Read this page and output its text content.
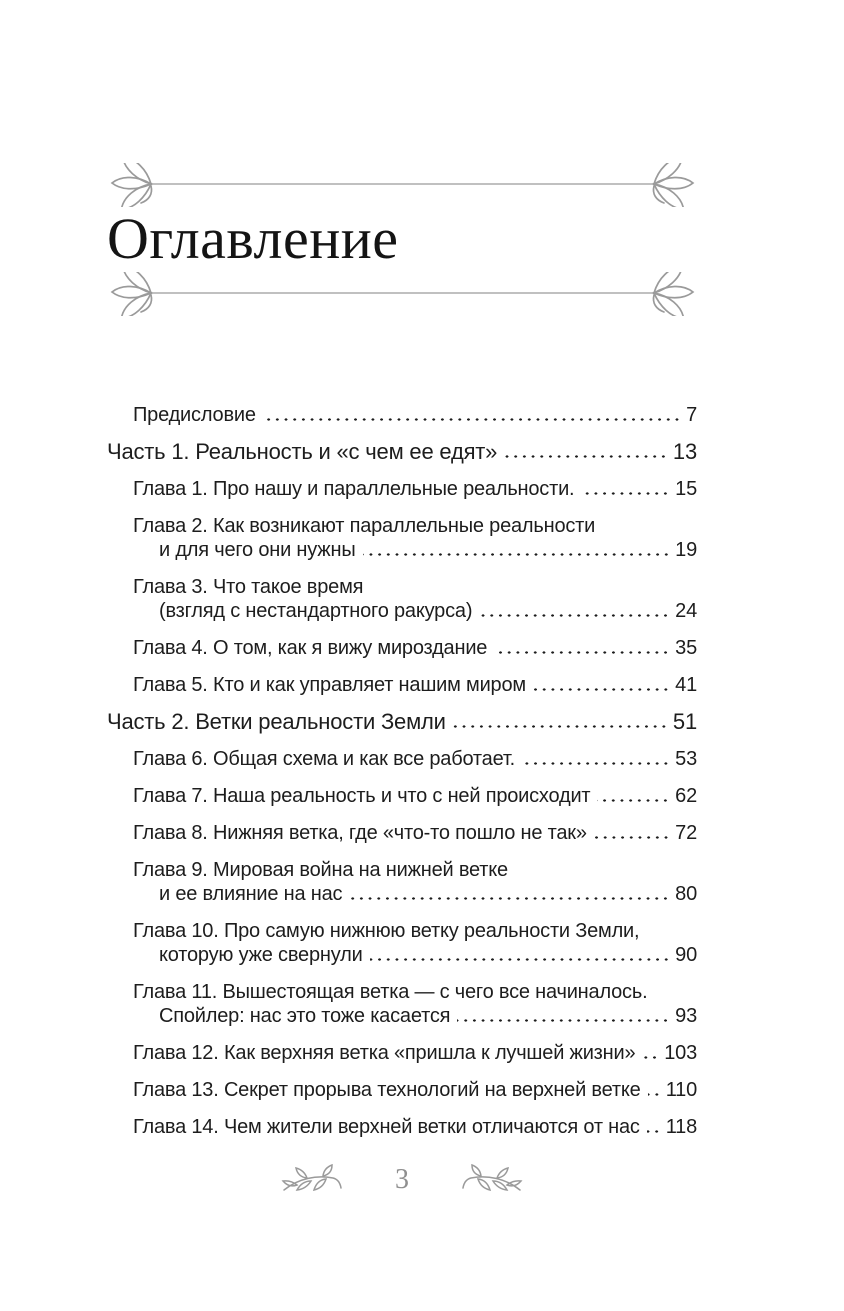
Оглавление
Предисловие	7
Часть 1. Реальность и «с чем ее едят»	13
Глава 1. Про нашу и параллельные реальности.	15
Глава 2. Как возникают параллельные реальности
и для чего они нужны	19
Глава 3. Что такое время
(взгляд с нестандартного ракурса)	24
Глава 4. О том, как я вижу мироздание	35
Глава 5. Кто и как управляет нашим миром	41
Часть 2. Ветки реальности Земли	51
Глава 6. Общая схема и как все работает.	53
Глава 7. Наша реальность и что с ней происходит	62
Глава 8. Нижняя ветка, где «что-то пошло не так»	72
Глава 9. Мировая война на нижней ветке
и ее влияние на нас	80
Глава 10. Про самую нижнюю ветку реальности Земли,
которую уже свернули	90
Глава 11. Вышестоящая ветка — с чего все начиналось.
Спойлер: нас это тоже касается	93
Глава 12. Как верхняя ветка «пришла к лучшей жизни» 103
Глава 13. Секрет прорыва технологий на верхней ветке 110
Глава 14. Чем жители верхней ветки отличаются от нас 118
3
